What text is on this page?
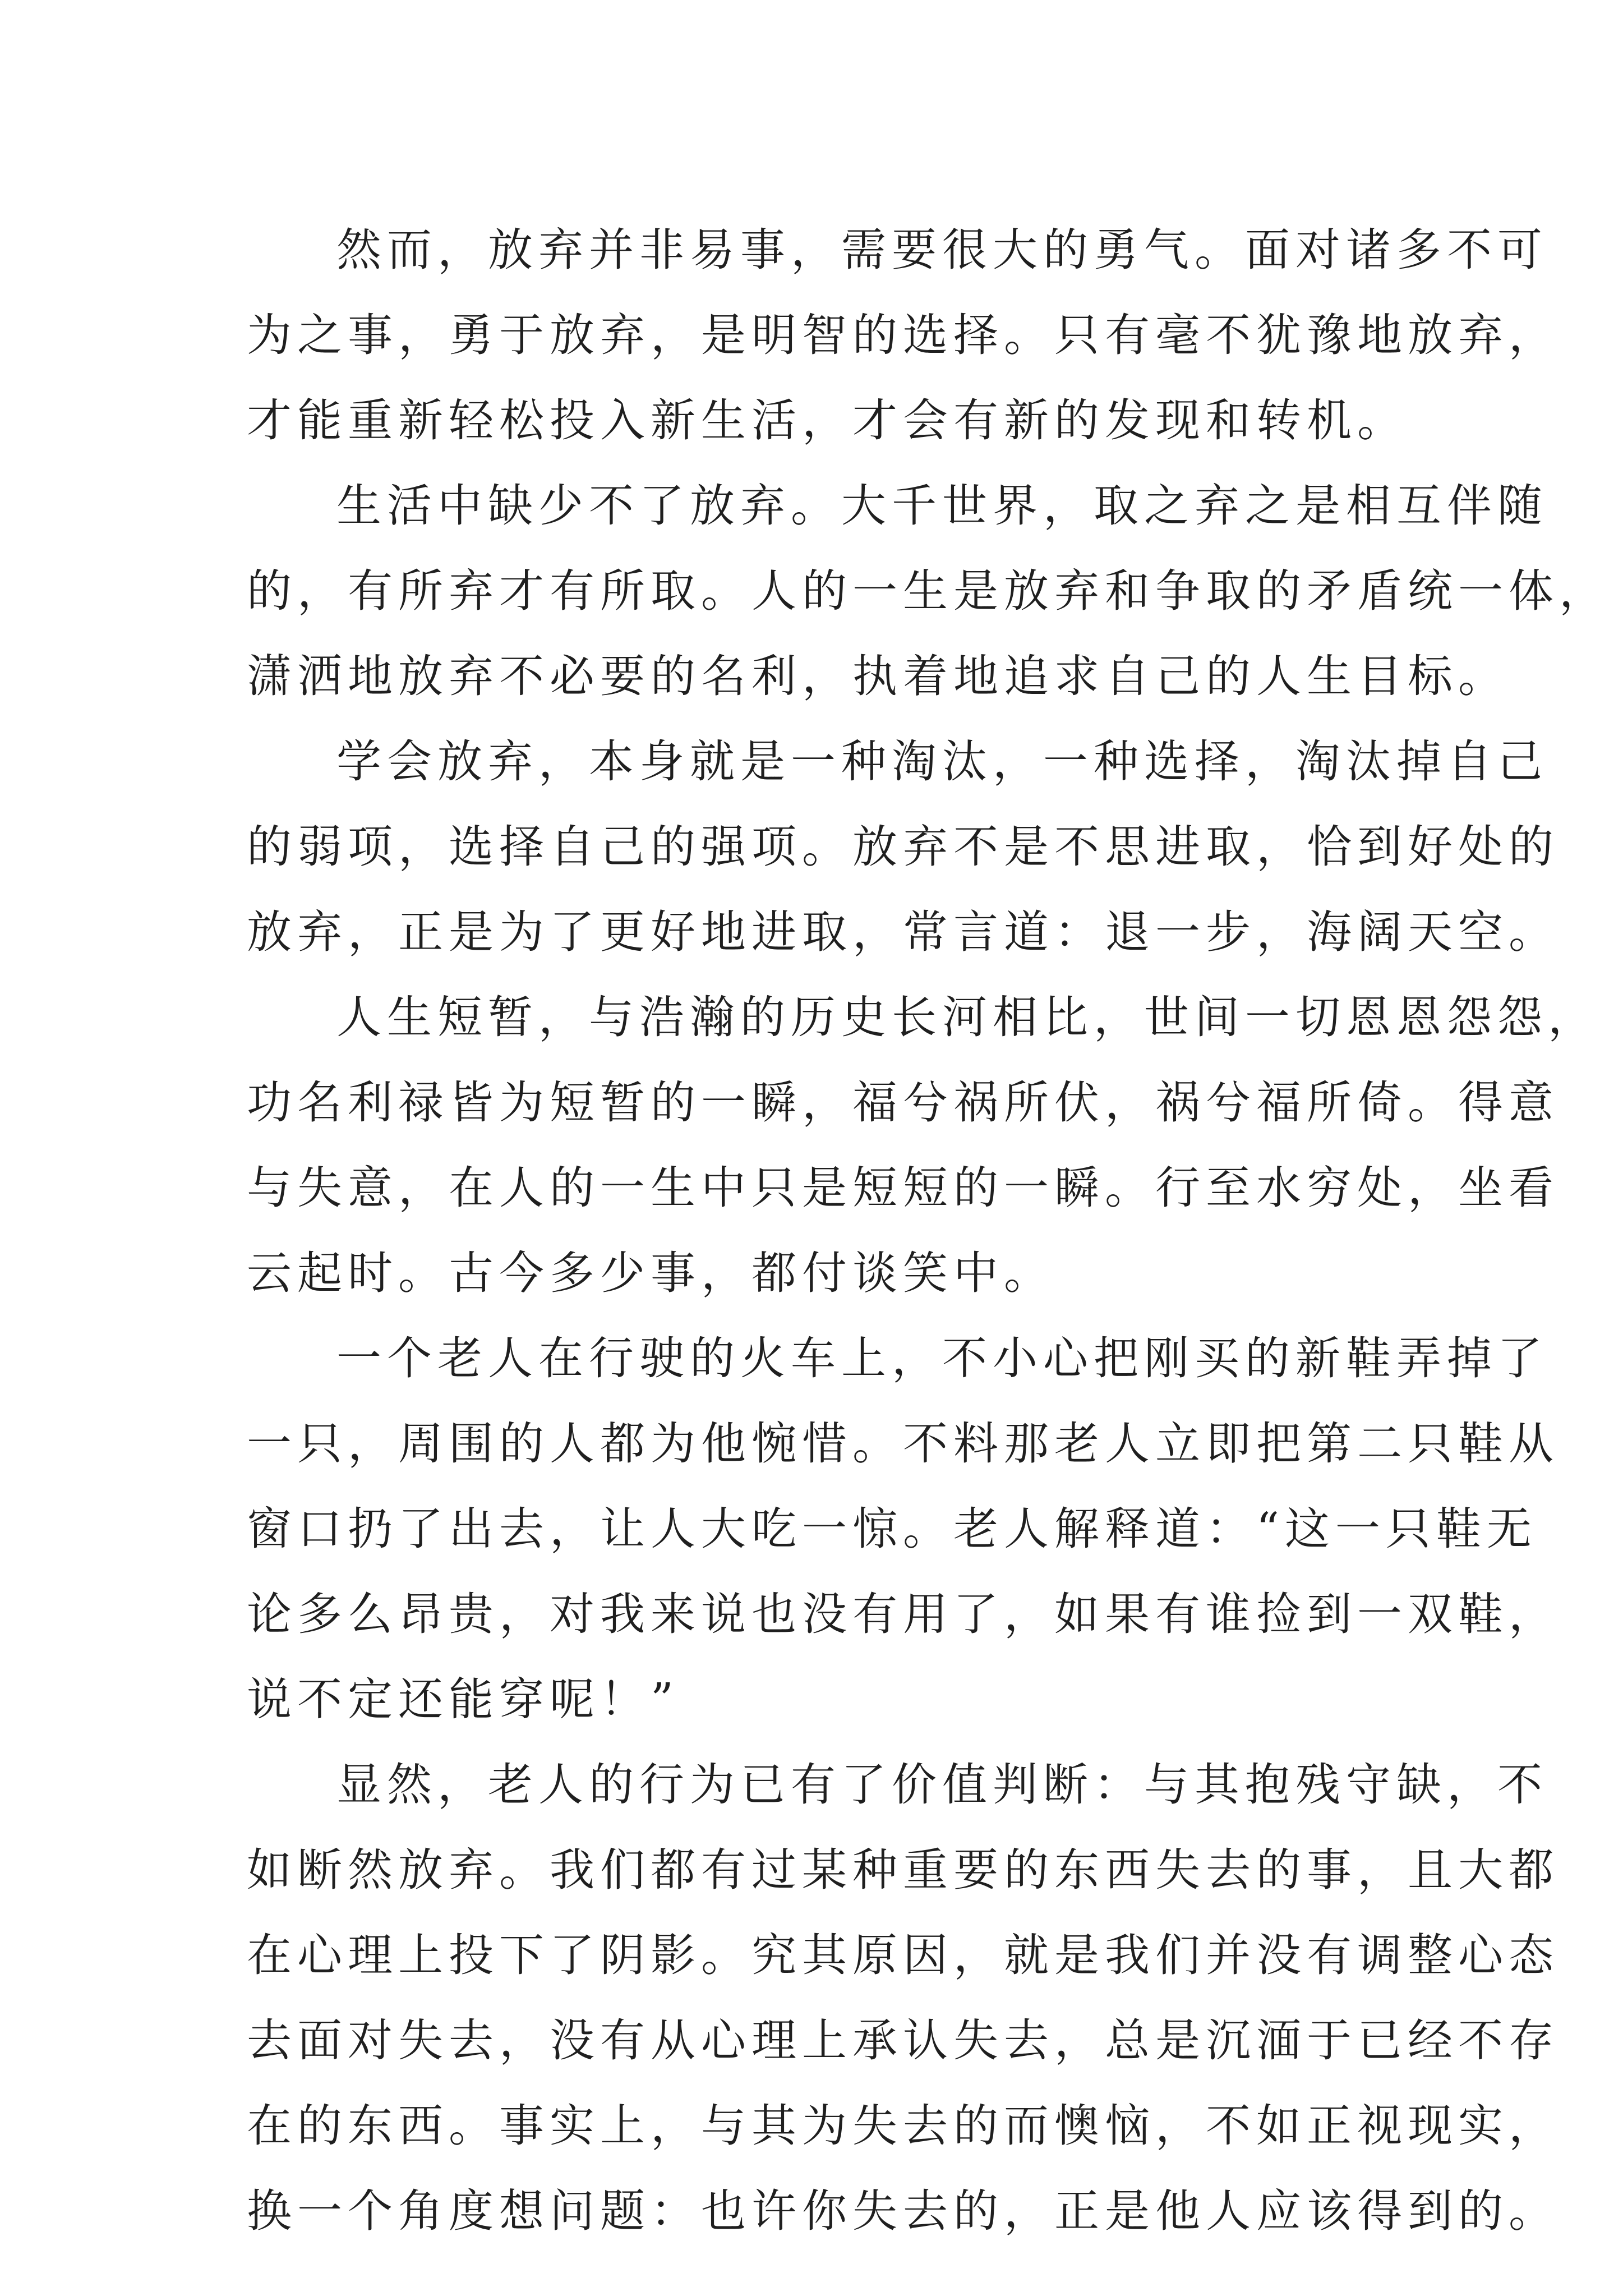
然而，放弃并非易事，需要很大的勇气。面对诸多不可
为之事，勇于放弃，是明智的选择。只有毫不犹豫地放弃，
才能重新轻松投入新生活，才会有新的发现和转机。
生活中缺少不了放弃。大千世界，取之弃之是相互伴随
的，有所弃才有所取。人的一生是放弃和争取的矛盾统一体，
潇洒地放弃不必要的名利，执着地追求自己的人生目标。
学会放弃，本身就是一种淘汰，一种选择，淘汰掉自己
的弱项，选择自己的强项。放弃不是不思进取，恰到好处的
放弃，正是为了更好地进取，常言道：退一步，海阔天空。
人生短暂，与浩瀚的历史长河相比，世间一切恩恩怨怨，
功名利禄皆为短暂的一瞬，福兮祸所伏，祸兮福所倚。得意
与失意，在人的一生中只是短短的一瞬。行至水穷处，坐看
云起时。古今多少事，都付谈笑中。
一个老人在行驶的火车上，不小心把刚买的新鞋弄掉了
一只，周围的人都为他惋惜。不料那老人立即把第二只鞋从
窗口扔了出去，让人大吃一惊。老人解释道：“这一只鞋无
论多么昂贵，对我来说也没有用了，如果有谁捡到一双鞋，
说不定还能穿呢！”
显然，老人的行为已有了价值判断：与其抱残守缺，不
如断然放弃。我们都有过某种重要的东西失去的事，且大都
在心理上投下了阴影。究其原因，就是我们并没有调整心态
去面对失去，没有从心理上承认失去，总是沉湎于已经不存
在的东西。事实上，与其为失去的而懊恼，不如正视现实，
换一个角度想问题：也许你失去的，正是他人应该得到的。
